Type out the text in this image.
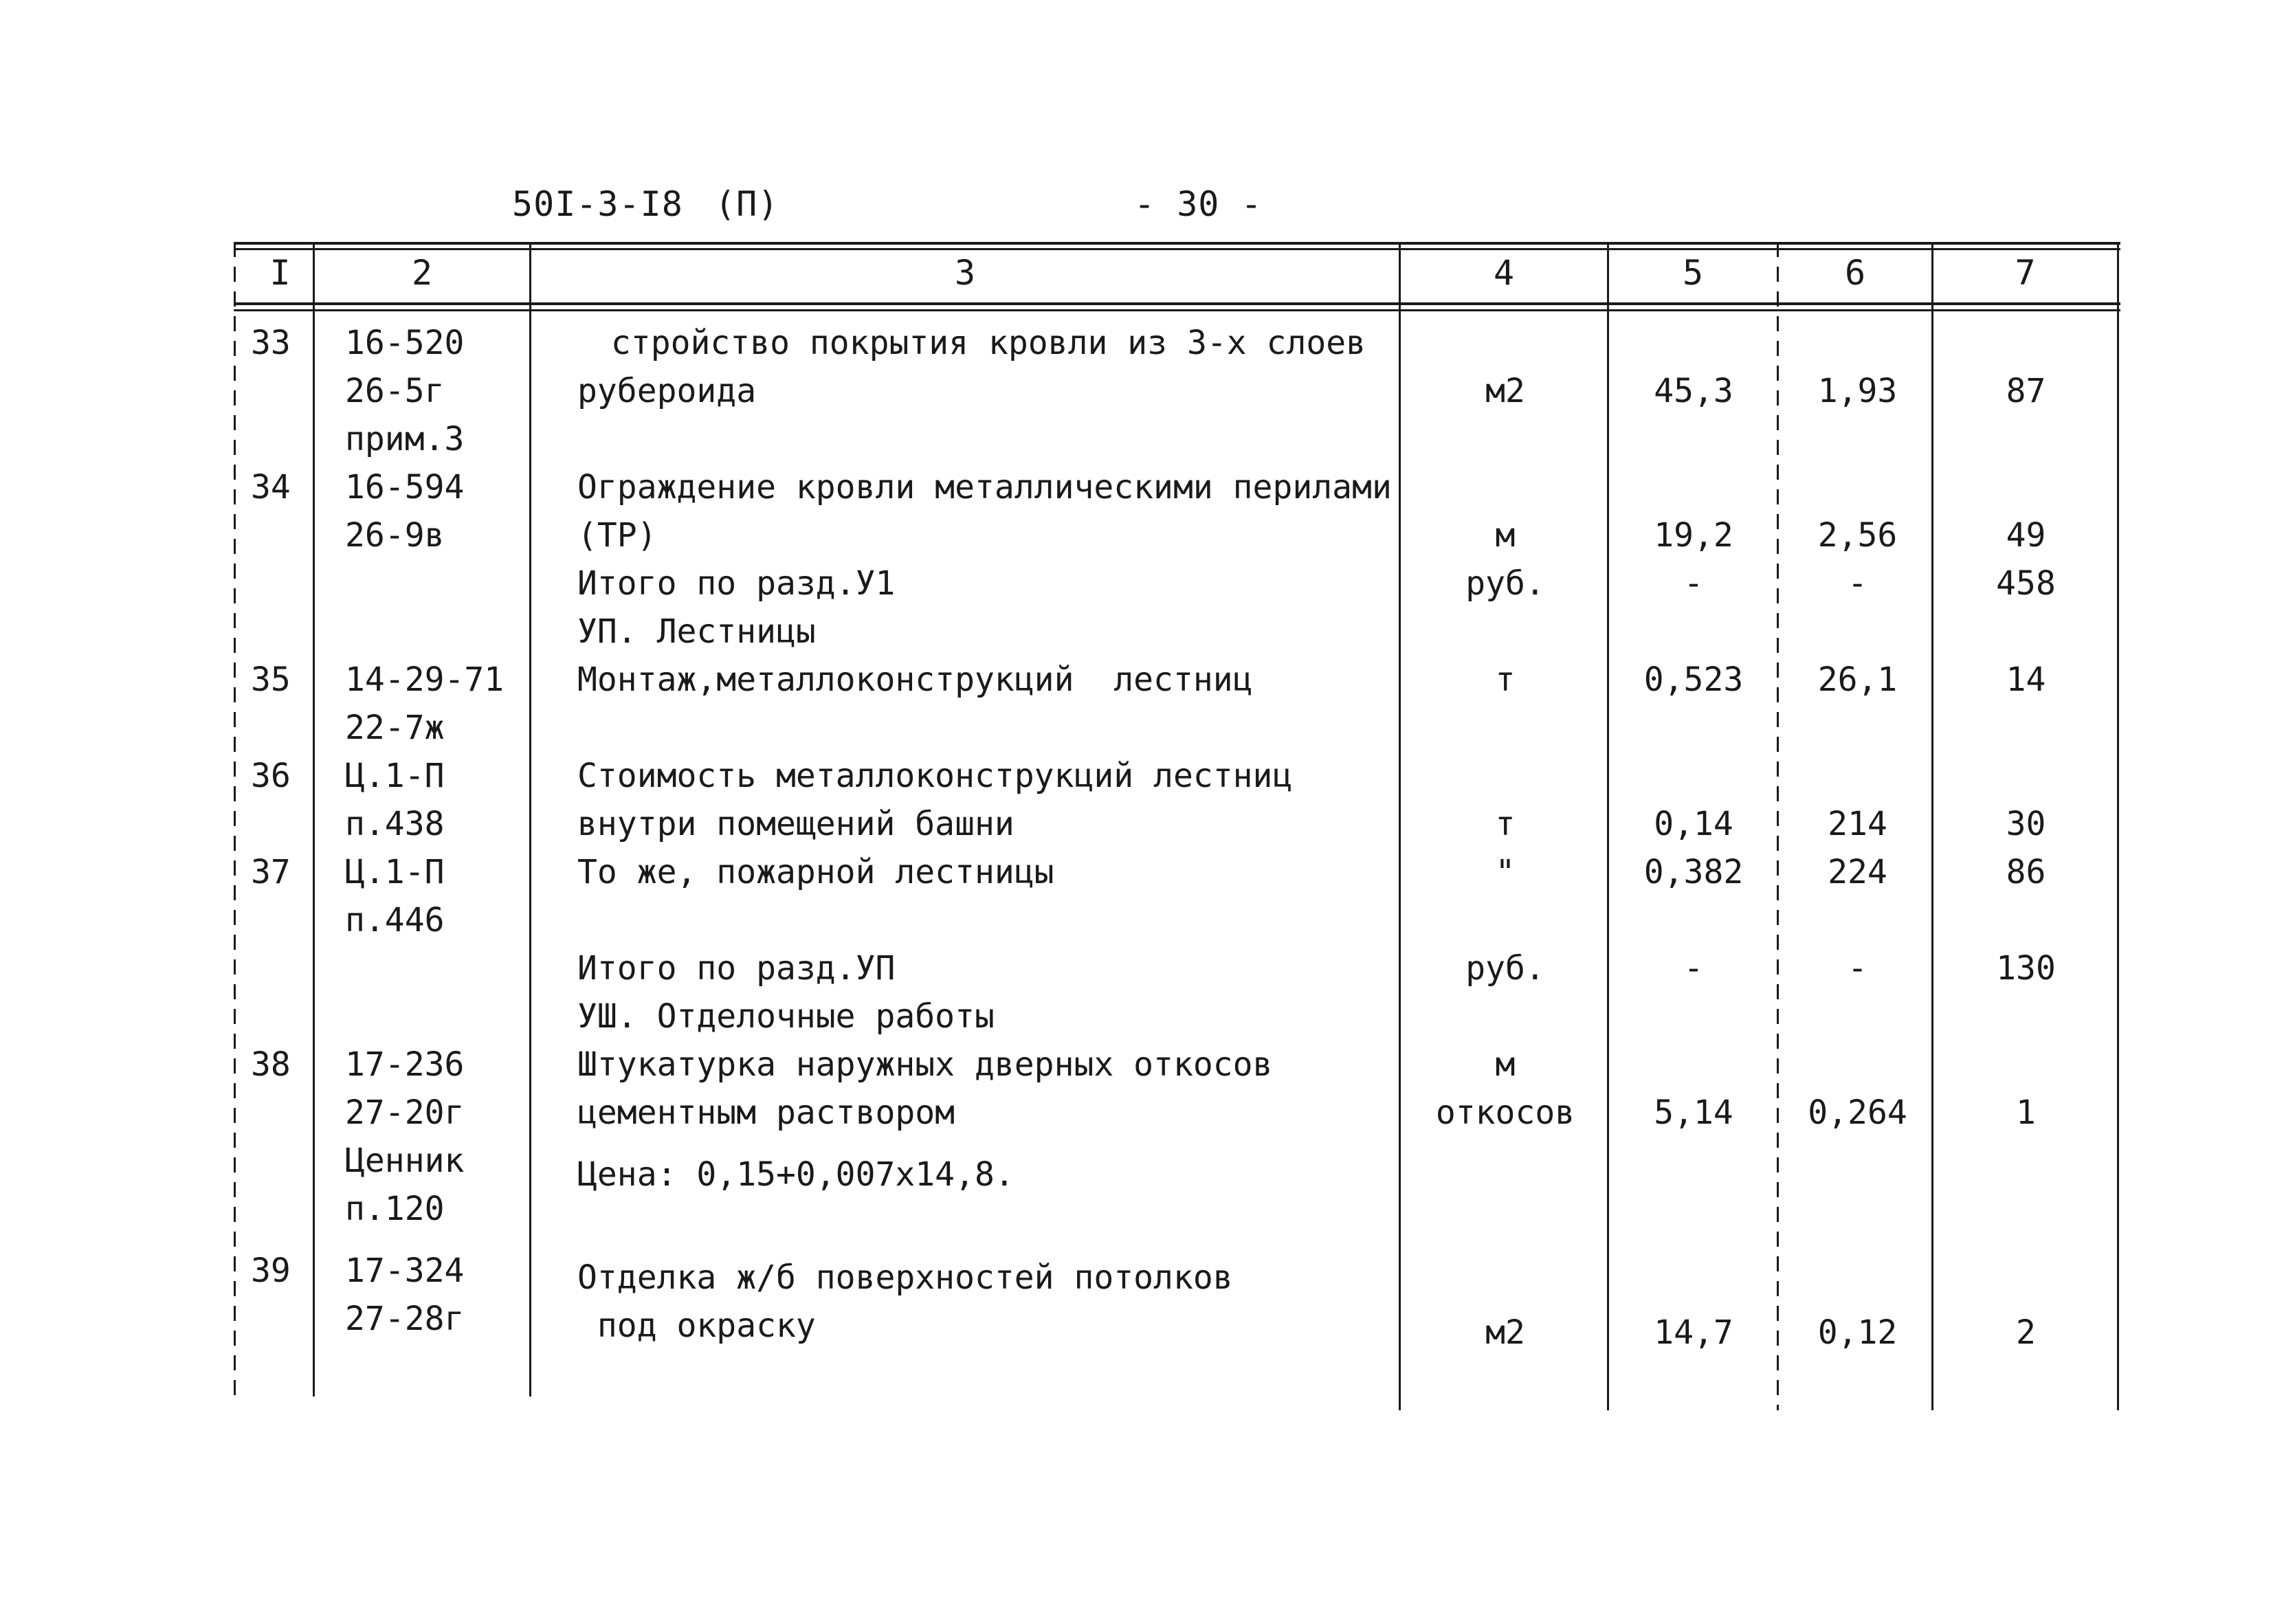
50I-3-I8 (П)	- 30 -
I	2	3	4	5	6	7
33 16-520	стройство покрытия кровли из 3-х слоев
26-5г	рубероида	м2	45,3	1,93	87
прим.3
34 16-594	Ограждение кровли металлическими перилами
26-9в	(ТР)	м	19,2	2,56	49
Итого по разд.У1	руб.	-	-	458
УП. Лестницы
35 14-29-71 Монтаж,металлоконструкций  лестниц	т	0,523	26,1	14
22-7ж
36 Ц.1-П	Стоимость металлоконструкций лестниц
п.438	внутри помещений башни	т	0,14	214	30
37 Ц.1-П	То же, пожарной лестницы	"	0,382	224	86
п.446
Итого по разд.УП	руб.	-	-	130
УШ. Отделочные работы
38 17-236	Штукатурка наружных дверных откосов	м
27-20г	цементным раствором	откосов	5,14	0,264	1
Ценник	Цена: 0,15+0,007х14,8.
п.120
39 17-324	Отделка ж/б поверхностей потолков
27-28г	под окраску	м2	14,7	0,12	2
